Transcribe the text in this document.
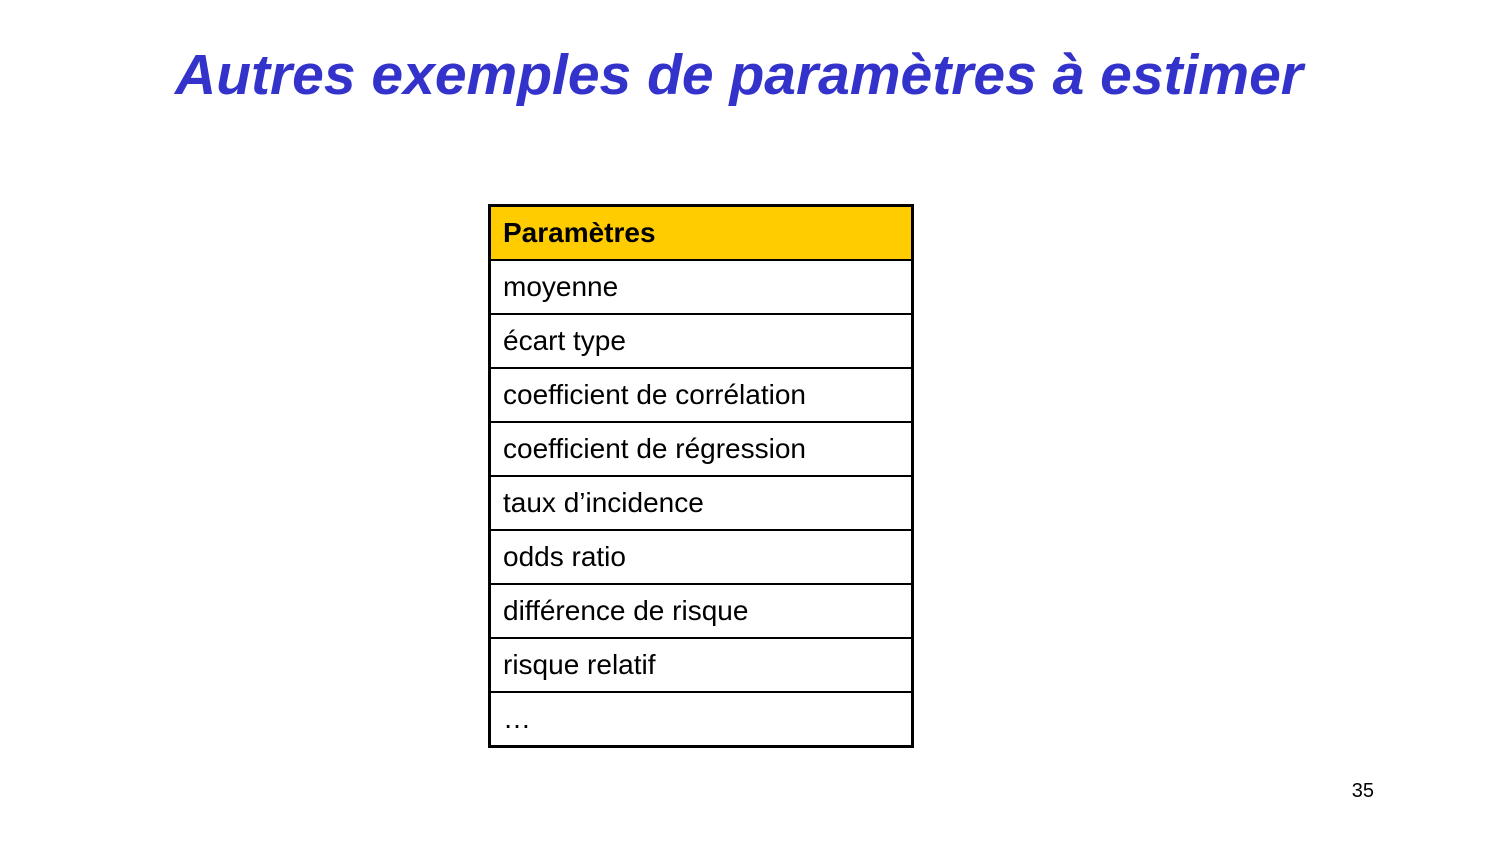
Autres exemples de paramètres à estimer
Paramètres
moyenne
écart type
coefficient de corrélation
coefficient de régression
taux d’incidence
odds ratio
différence de risque
risque relatif
…
35
